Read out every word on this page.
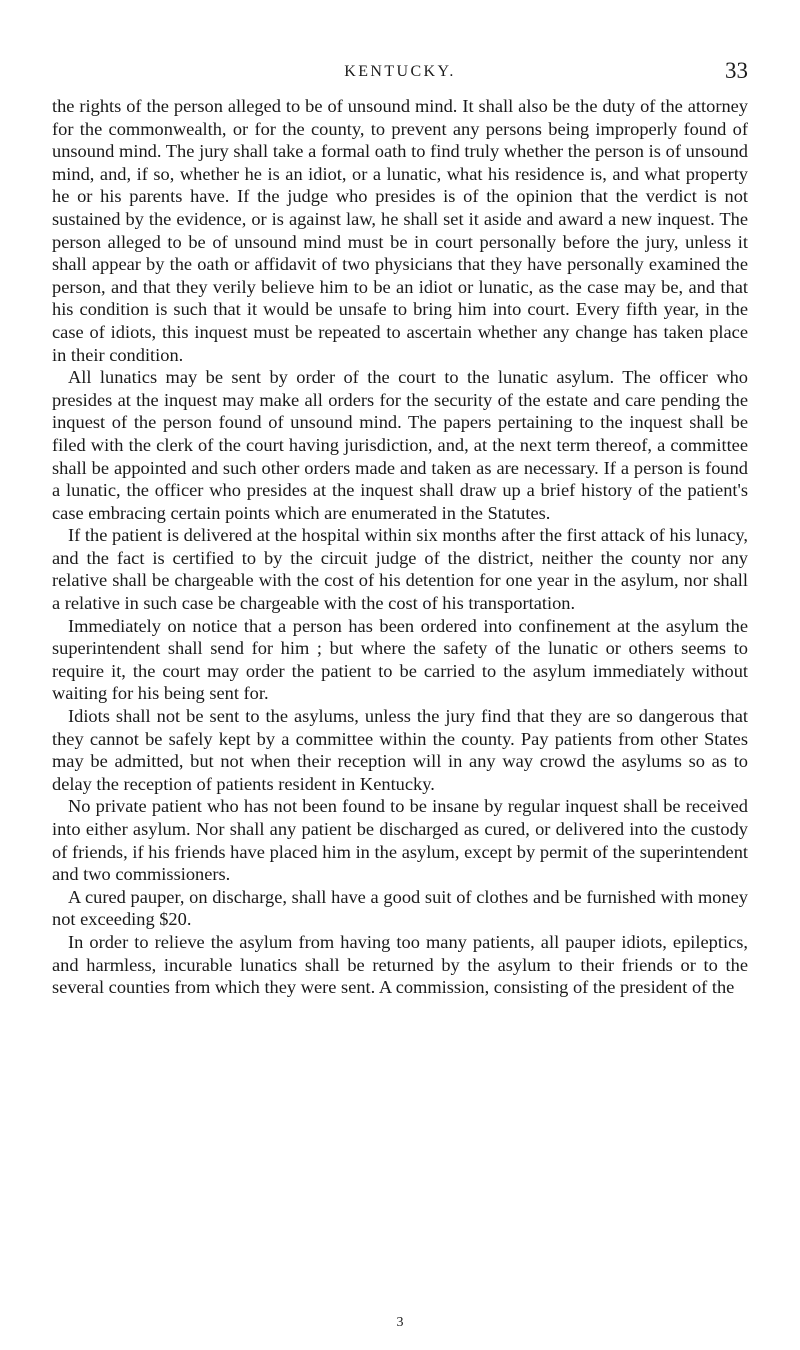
KENTUCKY.	33

the rights of the person alleged to be of unsound mind. It shall also be the duty of the attorney for the commonwealth, or for the county, to prevent any persons being improperly found of unsound mind. The jury shall take a formal oath to find truly whether the person is of unsound mind, and, if so, whether he is an idiot, or a lunatic, what his residence is, and what property he or his parents have. If the judge who presides is of the opinion that the verdict is not sustained by the evidence, or is against law, he shall set it aside and award a new inquest. The person alleged to be of unsound mind must be in court personally before the jury, unless it shall appear by the oath or affidavit of two physicians that they have personally examined the person, and that they verily believe him to be an idiot or lunatic, as the case may be, and that his condition is such that it would be unsafe to bring him into court. Every fifth year, in the case of idiots, this inquest must be repeated to ascertain whether any change has taken place in their condition.

All lunatics may be sent by order of the court to the lunatic asylum. The officer who presides at the inquest may make all orders for the security of the estate and care pending the inquest of the person found of unsound mind. The papers pertaining to the inquest shall be filed with the clerk of the court having jurisdiction, and, at the next term thereof, a committee shall be appointed and such other orders made and taken as are necessary. If a person is found a lunatic, the officer who presides at the inquest shall draw up a brief history of the patient's case embracing certain points which are enumerated in the Statutes.

If the patient is delivered at the hospital within six months after the first attack of his lunacy, and the fact is certified to by the circuit judge of the district, neither the county nor any relative shall be chargeable with the cost of his detention for one year in the asylum, nor shall a relative in such case be chargeable with the cost of his transportation.

Immediately on notice that a person has been ordered into confinement at the asylum the superintendent shall send for him ; but where the safety of the lunatic or others seems to require it, the court may order the patient to be carried to the asylum immediately without waiting for his being sent for.

Idiots shall not be sent to the asylums, unless the jury find that they are so dangerous that they cannot be safely kept by a committee within the county. Pay patients from other States may be admitted, but not when their reception will in any way crowd the asylums so as to delay the reception of patients resident in Kentucky.

No private patient who has not been found to be insane by regular inquest shall be received into either asylum. Nor shall any patient be discharged as cured, or delivered into the custody of friends, if his friends have placed him in the asylum, except by permit of the superintendent and two commissioners.

A cured pauper, on discharge, shall have a good suit of clothes and be furnished with money not exceeding $20.

In order to relieve the asylum from having too many patients, all pauper idiots, epileptics, and harmless, incurable lunatics shall be returned by the asylum to their friends or to the several counties from which they were sent. A commission, consisting of the president of the

3
